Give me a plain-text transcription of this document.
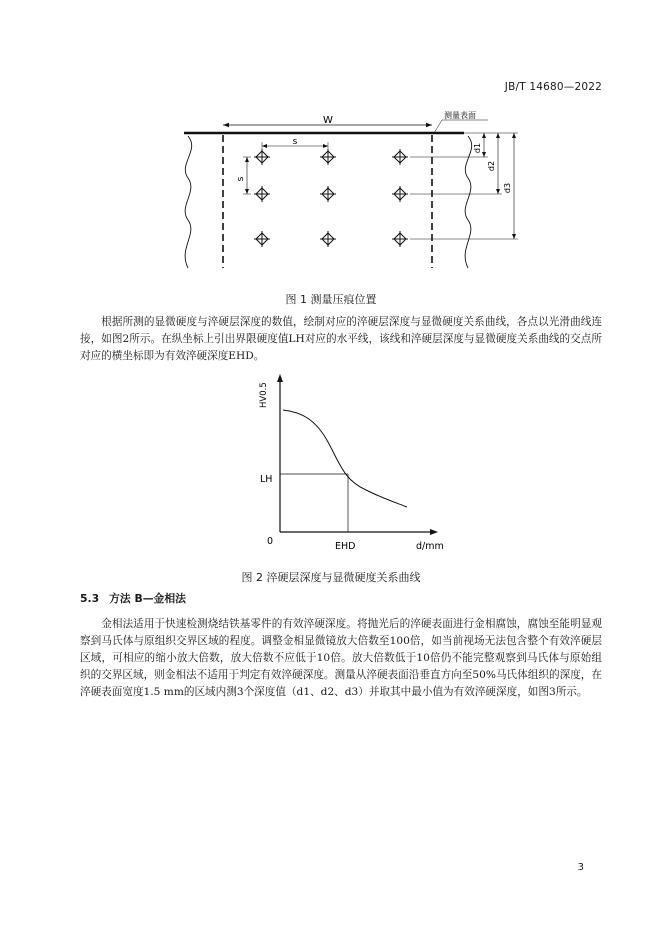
JB/T 14680—2022
W
s
s
d1
d2
d3
测量表面
图 1 测量压痕位置

根据所测的显微硬度与淬硬层深度的数值，绘制对应的淬硬层深度与显微硬度关系曲线，各点以光滑曲线连接，如图2所示。在纵坐标上引出界限硬度值LH对应的水平线，该线和淬硬层深度与显微硬度关系曲线的交点所对应的横坐标即为有效淬硬深度EHD。

LH
0	EHD	d/mm
HV0.5
图 2 淬硬层深度与显微硬度关系曲线
5.3 方法 B—金相法

金相法适用于快速检测烧结铁基零件的有效淬硬深度。将抛光后的淬硬表面进行金相腐蚀，腐蚀至能明显观察到马氏体与原组织交界区域的程度。调整金相显微镜放大倍数至100倍，如当前视场无法包含整个有效淬硬层区域，可相应的缩小放大倍数，放大倍数不应低于10倍。放大倍数低于10倍仍不能完整观察到马氏体与原始组织的交界区域，则金相法不适用于判定有效淬硬深度。测量从淬硬表面沿垂直方向至50%马氏体组织的深度，在淬硬表面宽度1.5 mm的区域内测3个深度值（d1、d2、d3）并取其中最小值为有效淬硬深度，如图3所示。

3
